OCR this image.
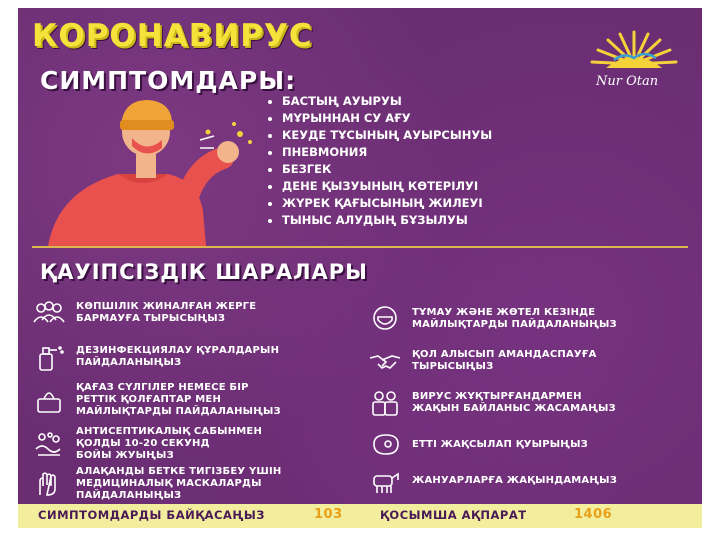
КОРОНАВИРУС
СИМПТОМДАРЫ:	Nur Otan
БАСТЫҢ АУЫРУЫ
МҰРЫННАН СУ АҒУ
КЕУДЕ ТҰСЫНЫҢ АУЫРСЫНУЫ
ПНЕВМОНИЯ
БЕЗГЕК
ДЕНЕ ҚЫЗУЫНЫҢ КӨТЕРІЛУІ
ЖҮРЕК ҚАҒЫСЫНЫҢ ЖИЛЕУІ
ТЫНЫС АЛУДЫҢ БҰЗЫЛУЫ
ҚАУІПСІЗДІК ШАРАЛАРЫ
КӨПШІЛІК ЖИНАЛҒАН ЖЕРГЕ
БАРМАУҒА ТЫРЫСЫҢЫЗ
ДЕЗИНФЕКЦИЯЛАУ ҚҰРАЛДАРЫН
ПАЙДАЛАНЫҢЫЗ
ҚАҒАЗ СҮЛГІЛЕР НЕМЕСЕ БІР
РЕТТІК ҚОЛҒАПТАР МЕН
МАЙЛЫҚТАРДЫ ПАЙДАЛАНЫҢЫЗ
АНТИСЕПТИКАЛЫҚ САБЫНМЕН
ҚОЛДЫ 10-20 СЕКУНД
БОЙЫ ЖУЫҢЫЗ
АЛАҚАНДЫ БЕТКЕ ТИГІЗБЕУ ҮШІН
МЕДИЦИНАЛЫҚ МАСКАЛАРДЫ
ПАЙДАЛАНЫҢЫЗ
ТҰМАУ ЖӘНЕ ЖӨТЕЛ КЕЗІНДЕ
МАЙЛЫҚТАРДЫ ПАЙДАЛАНЫҢЫЗ
ҚОЛ АЛЫСЫП АМАНДАСПАУҒА
ТЫРЫСЫҢЫЗ
ВИРУС ЖҰҚТЫРҒАНДАРМЕН
ЖАҚЫН БАЙЛАНЫС ЖАСАМАҢЫЗ
ЕТТІ ЖАҚСЫЛАП ҚУЫРЫҢЫЗ
ЖАНУАРЛАРҒА ЖАҚЫНДАМАҢЫЗ
СИМПТОМДАРДЫ БАЙҚАСАҢЫЗ	103	ҚОСЫМША АҚПАРАТ	1406
